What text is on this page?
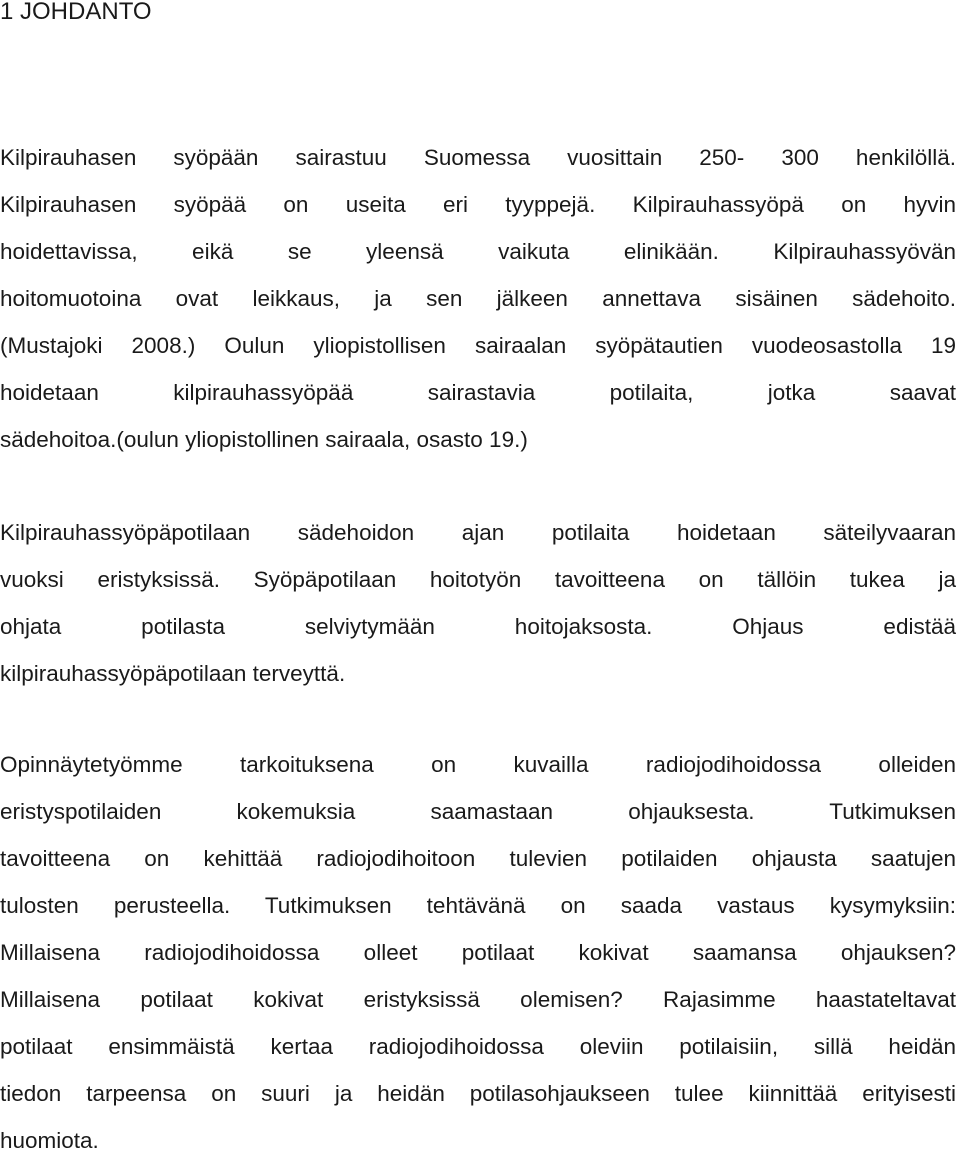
1 JOHDANTO
Kilpirauhasen syöpään sairastuu Suomessa vuosittain 250- 300 henkilöllä.
Kilpirauhasen syöpää on useita eri tyyppejä. Kilpirauhassyöpä on hyvin
hoidettavissa, eikä se yleensä vaikuta elinikään. Kilpirauhassyövän
hoitomuotoina ovat leikkaus, ja sen jälkeen annettava sisäinen sädehoito.
(Mustajoki 2008.) Oulun yliopistollisen sairaalan syöpätautien vuodeosastolla 19
hoidetaan kilpirauhassyöpää sairastavia potilaita, jotka saavat
sädehoitoa.(oulun yliopistollinen sairaala, osasto 19.)
Kilpirauhassyöpäpotilaan sädehoidon ajan potilaita hoidetaan säteilyvaaran
vuoksi eristyksissä. Syöpäpotilaan hoitotyön tavoitteena on tällöin tukea ja
ohjata potilasta selviytymään hoitojaksosta. Ohjaus edistää
kilpirauhassyöpäpotilaan terveyttä.
Opinnäytetyömme tarkoituksena on kuvailla radiojodihoidossa olleiden
eristyspotilaiden kokemuksia saamastaan ohjauksesta. Tutkimuksen
tavoitteena on kehittää radiojodihoitoon tulevien potilaiden ohjausta saatujen
tulosten perusteella. Tutkimuksen tehtävänä on saada vastaus kysymyksiin:
Millaisena radiojodihoidossa olleet potilaat kokivat saamansa ohjauksen?
Millaisena potilaat kokivat eristyksissä olemisen? Rajasimme haastateltavat
potilaat ensimmäistä kertaa radiojodihoidossa oleviin potilaisiin, sillä heidän
tiedon tarpeensa on suuri ja heidän potilasohjaukseen tulee kiinnittää erityisesti
huomiota.
